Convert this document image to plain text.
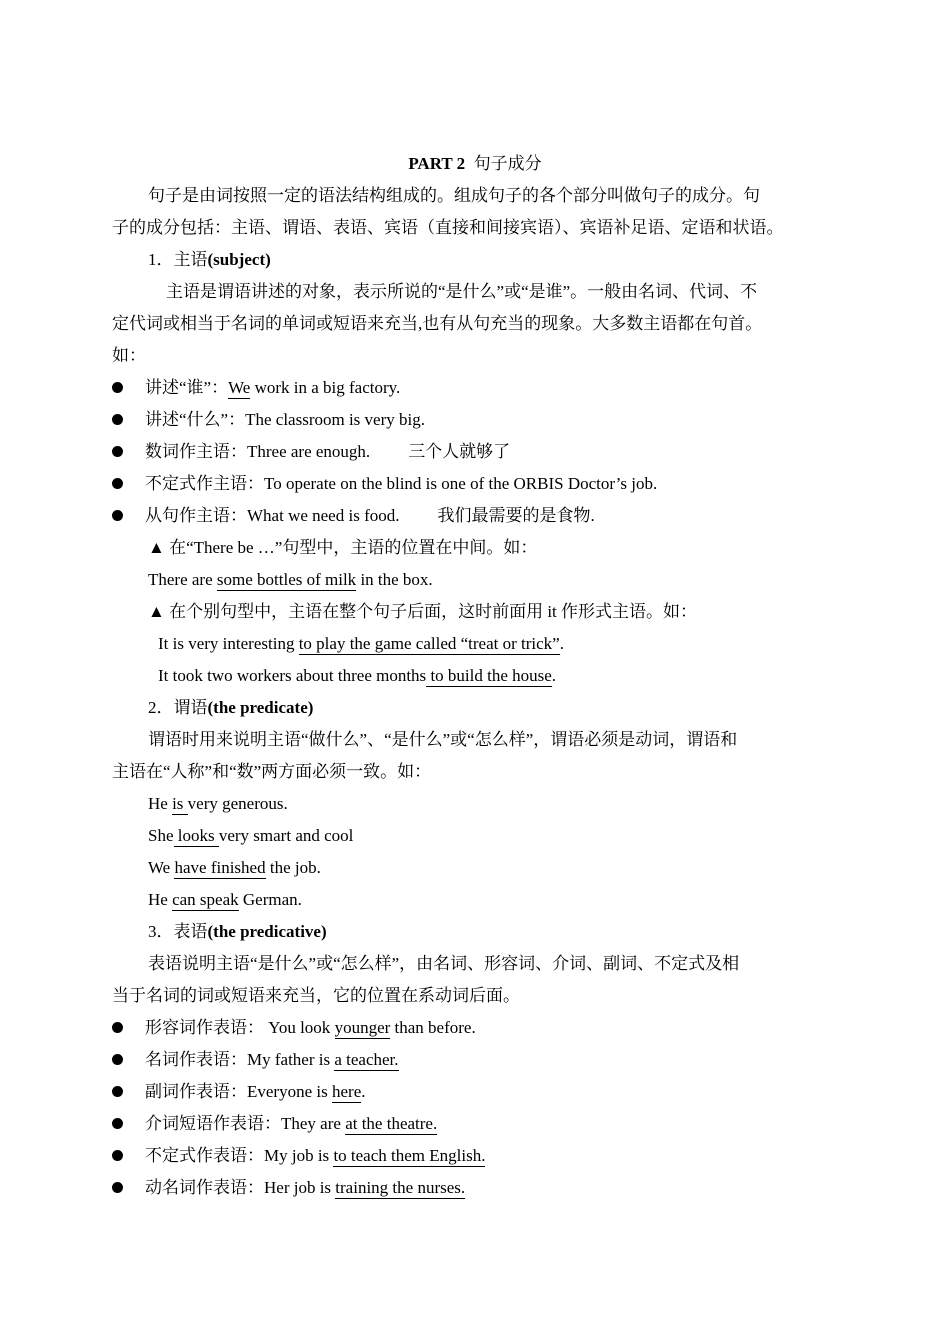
PART 2 句子成分
句子是由词按照一定的语法结构组成的。组成句子的各个部分叫做句子的成分。句
子的成分包括：主语、谓语、表语、宾语（直接和间接宾语）、宾语补足语、定语和状语。
1．主语(subject)
主语是谓语讲述的对象，表示所说的“是什么”或“是谁”。一般由名词、代词、不
定代词或相当于名词的单词或短语来充当,也有从句充当的现象。大多数主语都在句首。
如：
讲述“谁”：We work in a big factory.
讲述“什么”：The classroom is very big.
数词作主语：Three are enough. 三个人就够了
不定式作主语：To operate on the blind is one of the ORBIS Doctor’s job.
从句作主语：What we need is food. 我们最需要的是食物.
▲ 在“There be …”句型中，主语的位置在中间。如：
There are some bottles of milk in the box.
▲ 在个别句型中，主语在整个句子后面，这时前面用 it 作形式主语。如：
It is very interesting to play the game called “treat or trick”.
It took two workers about three months to build the house.
2．谓语(the predicate)
谓语时用来说明主语“做什么”、“是什么”或“怎么样”，谓语必须是动词，谓语和
主语在“人称”和“数”两方面必须一致。如：
He is very generous.
She looks very smart and cool
We have finished the job.
He can speak German.
3．表语(the predicative)
表语说明主语“是什么”或“怎么样”，由名词、形容词、介词、副词、不定式及相
当于名词的词或短语来充当，它的位置在系动词后面。
形容词作表语： You look younger than before.
名词作表语：My father is a teacher.
副词作表语：Everyone is here.
介词短语作表语：They are at the theatre.
不定式作表语：My job is to teach them English.
动名词作表语：Her job is training the nurses.
